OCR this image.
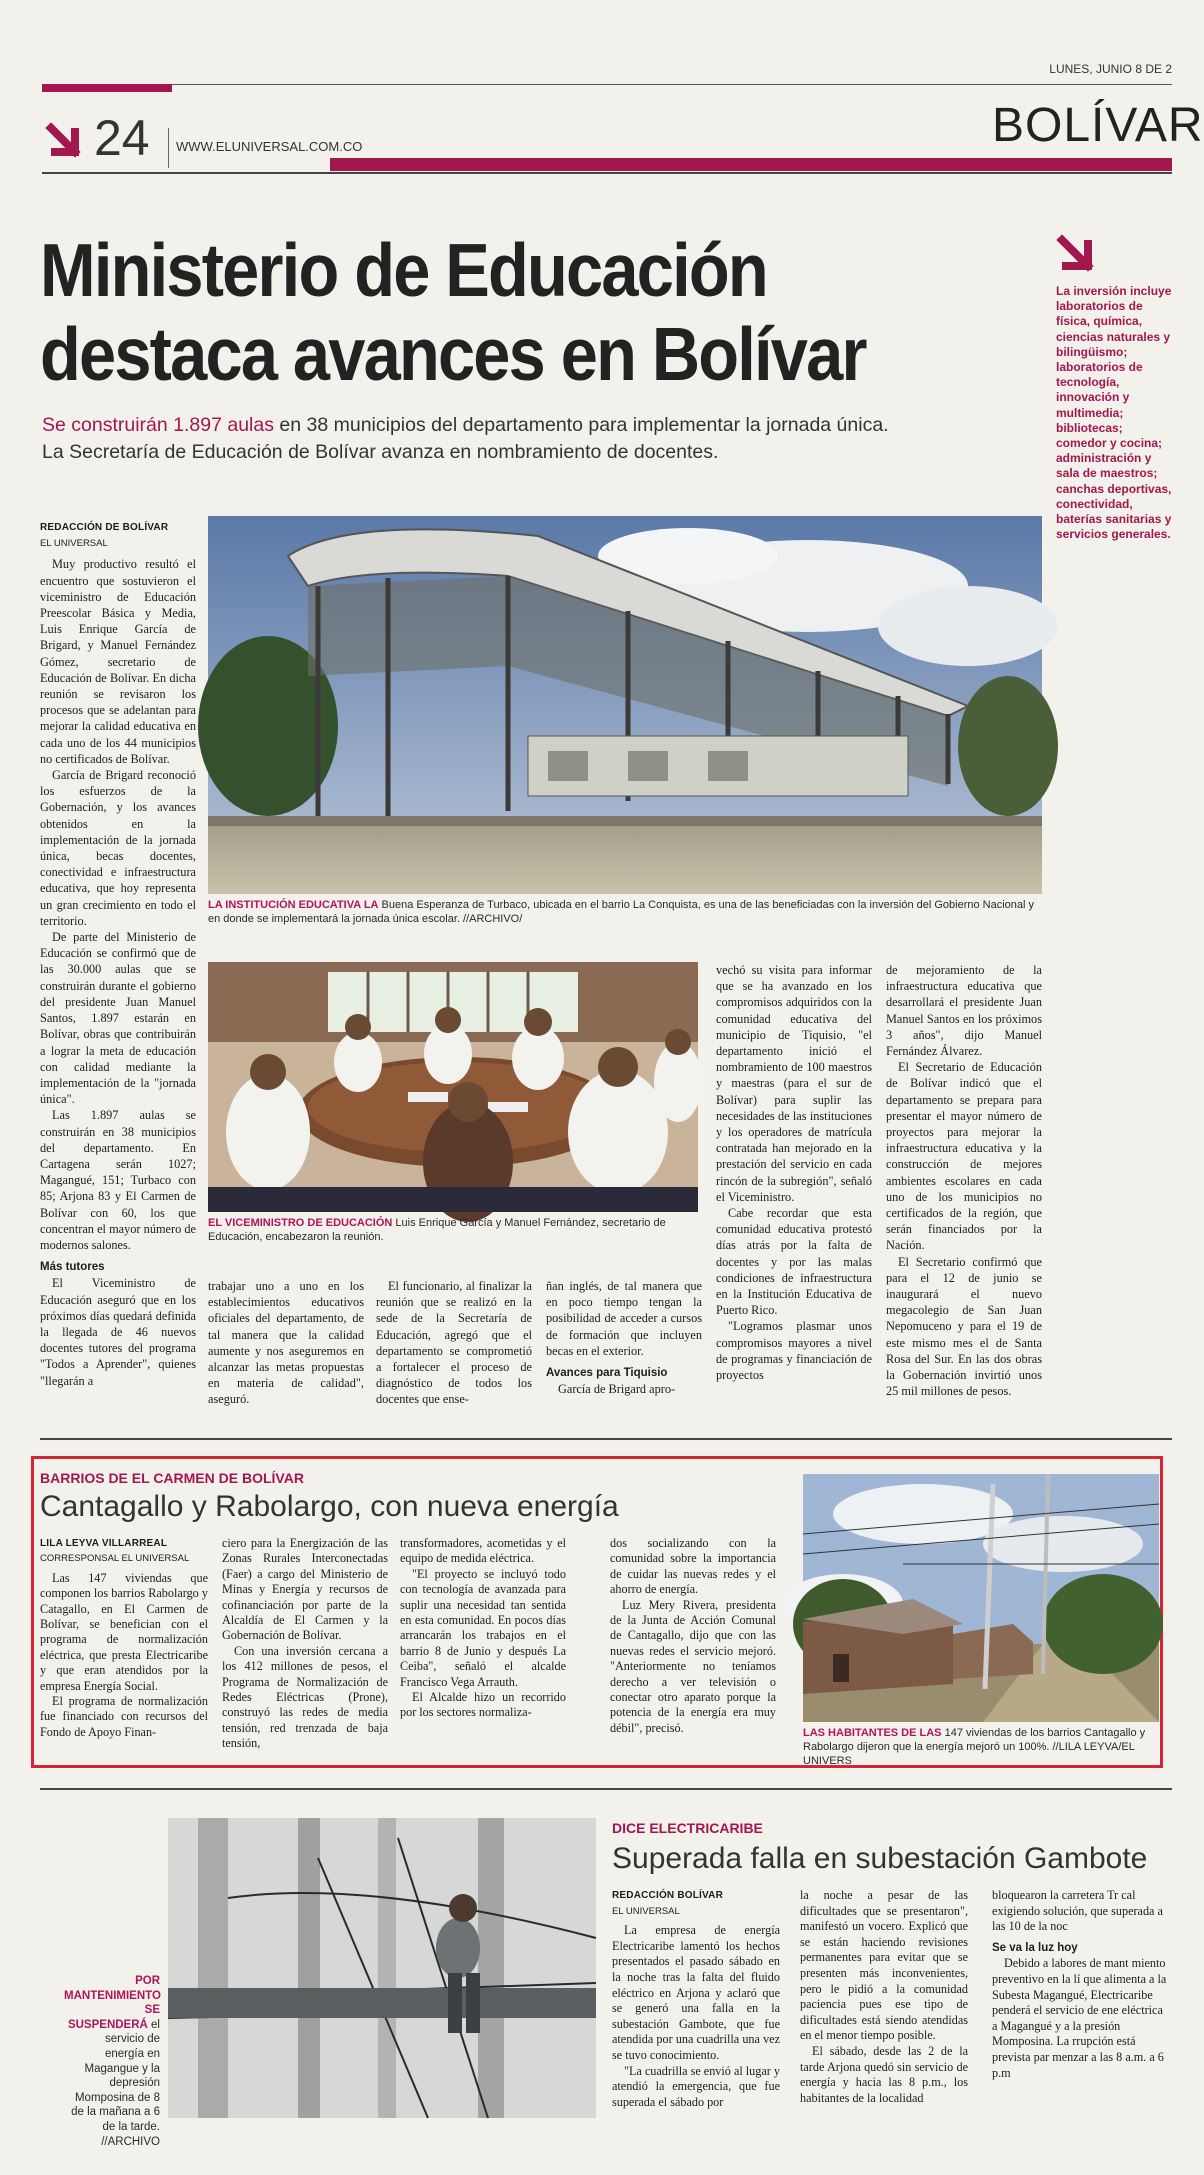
LUNES, JUNIO 8 DE 2
24 WWW.ELUNIVERSAL.COM.CO	BOLÍVAR
Ministerio de Educación
destaca avances en Bolívar
Se construirán 1.897 aulas en 38 municipios del departamento para implementar la jornada única.
La Secretaría de Educación de Bolívar avanza en nombramiento de docentes.
La inversión incluye laboratorios de física, química, ciencias naturales y bilingüismo; laboratorios de tecnología, innovación y multimedia; bibliotecas; comedor y cocina; administración y sala de maestros; canchas deportivas, conectividad, baterías sanitarias y servicios generales.
REDACCIÓN DE BOLÍVAR
EL UNIVERSAL

Muy productivo resultó el encuentro que sostuvieron el viceministro de Educación Preescolar Básica y Media, Luis Enrique García de Brigard, y Manuel Fernández Gómez, secretario de Educación de Bolívar. En dicha reunión se revisaron los procesos que se adelantan para mejorar la calidad educativa en cada uno de los 44 municipios no certificados de Bolívar.

García de Brigard reconoció los esfuerzos de la Gobernación, y los avances obtenidos en la implementación de la jornada única, becas docentes, conectividad e infraestructura educativa, que hoy representa un gran crecimiento en todo el territorio.

De parte del Ministerio de Educación se confirmó que de las 30.000 aulas que se construirán durante el gobierno del presidente Juan Manuel Santos, 1.897 estarán en Bolívar, obras que contribuirán a lograr la meta de educación con calidad mediante la implementación de la "jornada única".

Las 1.897 aulas se construirán en 38 municipios del departamento. En Cartagena serán 1027; Magangué, 151; Turbaco con 85; Arjona 83 y El Carmen de Bolívar con 60, los que concentran el mayor número de modernos salones.

Más tutores

El Viceministro de Educación aseguró que en los próximos días quedará definida la llegada de 46 nuevos docentes tutores del programa "Todos a Aprender", quienes "llegarán a

LA INSTITUCIÓN EDUCATIVA LA Buena Esperanza de Turbaco, ubicada en el barrio La Conquista, es una de las beneficiadas con la inversión del Gobierno Nacional y en donde se implementará la jornada única escolar. //ARCHIVO/
EL VICEMINISTRO DE EDUCACIÓN Luis Enrique García y Manuel Fernández, secretario de Educación, encabezaron la reunión.

trabajar uno a uno en los establecimientos educativos oficiales del departamento, de tal manera que la calidad aumente y nos aseguremos en alcanzar las metas propuestas en materia de calidad", aseguró.

El funcionario, al finalizar la reunión que se realizó en la sede de la Secretaría de Educación, agregó que el departamento se comprometió a fortalecer el proceso de diagnóstico de todos los docentes que ense-

ñan inglés, de tal manera que en poco tiempo tengan la posibilidad de acceder a cursos de formación que incluyen becas en el exterior.

Avances para Tiquisio

García de Brigard apro-

vechó su visita para informar que se ha avanzado en los compromisos adquiridos con la comunidad educativa del municipio de Tiquisio, "el departamento inició el nombramiento de 100 maestros y maestras (para el sur de Bolívar) para suplir las necesidades de las instituciones y los operadores de matrícula contratada han mejorado en la prestación del servicio en cada rincón de la subregión", señaló el Viceministro.

Cabe recordar que esta comunidad educativa protestó días atrás por la falta de docentes y por las malas condiciones de infraestructura en la Institución Educativa de Puerto Rico.

"Logramos plasmar unos compromisos mayores a nivel de programas y financiación de proyectos

de mejoramiento de la infraestructura educativa que desarrollará el presidente Juan Manuel Santos en los próximos 3 años", dijo Manuel Fernández Álvarez.

El Secretario de Educación de Bolívar indicó que el departamento se prepara para presentar el mayor número de proyectos para mejorar la infraestructura educativa y la construcción de mejores ambientes escolares en cada uno de los municipios no certificados de la región, que serán financiados por la Nación.

El Secretario confirmó que para el 12 de junio se inaugurará el nuevo megacolegio de San Juan Nepomuceno y para el 19 de este mismo mes el de Santa Rosa del Sur. En las dos obras la Gobernación invirtió unos 25 mil millones de pesos.

BARRIOS DE EL CARMEN DE BOLÍVAR
Cantagallo y Rabolargo, con nueva energía
LILA LEYVA VILLARREAL
CORRESPONSAL EL UNIVERSAL

Las 147 viviendas que componen los barrios Rabolargo y Catagallo, en El Carmen de Bolívar, se benefician con el programa de normalización eléctrica, que presta Electricaribe y que eran atendidos por la empresa Energía Social.

El programa de normalización fue financiado con recursos del Fondo de Apoyo Finan-

ciero para la Energización de las Zonas Rurales Interconectadas (Faer) a cargo del Ministerio de Minas y Energía y recursos de cofinanciación por parte de la Alcaldía de El Carmen y la Gobernación de Bolívar.

Con una inversión cercana a los 412 millones de pesos, el Programa de Normalización de Redes Eléctricas (Prone), construyó las redes de media tensión, red trenzada de baja tensión,

transformadores, acometidas y el equipo de medida eléctrica.

"El proyecto se incluyó todo con tecnología de avanzada para suplir una necesidad tan sentida en esta comunidad. En pocos días arrancarán los trabajos en el barrio 8 de Junio y después La Ceiba", señaló el alcalde Francisco Vega Arrauth.

El Alcalde hizo un recorrido por los sectores normaliza-

dos socializando con la comunidad sobre la importancia de cuidar las nuevas redes y el ahorro de energía.

Luz Mery Rivera, presidenta de la Junta de Acción Comunal de Cantagallo, dijo que con las nuevas redes el servicio mejoró. "Anteriormente no teníamos derecho a ver televisión o conectar otro aparato porque la potencia de la energía era muy débil", precisó.	LAS HABITANTES DE LAS 147 viviendas de los barrios Cantagallo y Rabolargo dijeron que la energía mejoró un 100%. //LILA LEYVA/EL UNIVERS
POR MANTENIMIENTO SE SUSPENDERÁ el servicio de energía en Magangue y la depresión Momposina de 8 de la mañana a 6 de la tarde. //ARCHIVO
DICE ELECTRICARIBE
Superada falla en subestación Gambote
REDACCIÓN BOLÍVAR
EL UNIVERSAL

La empresa de energía Electricaribe lamentó los hechos presentados el pasado sábado en la noche tras la falta del fluido eléctrico en Arjona y aclaró que se generó una falla en la subestación Gambote, que fue atendida por una cuadrilla una vez se tuvo conocimiento.

"La cuadrilla se envió al lugar y atendió la emergencia, que fue superada el sábado por

la noche a pesar de las dificultades que se presentaron", manifestó un vocero. Explicó que se están haciendo revisiones permanentes para evitar que se presenten más inconvenientes, pero le pidió a la comunidad paciencia pues ese tipo de dificultades está siendo atendidas en el menor tiempo posible.

El sábado, desde las 2 de la tarde Arjona quedó sin servicio de energía y hacia las 8 p.m., los habitantes de la localidad

bloquearon la carretera Tr cal exigiendo solución, que superada a las 10 de la noc

Se va la luz hoy

Debido a labores de mant miento preventivo en la lí que alimenta a la Subesta Magangué, Electricaribe penderá el servicio de ene eléctrica a Magangué y a la presión Momposina. La rrupción está prevista par menzar a las 8 a.m. a 6 p.m
